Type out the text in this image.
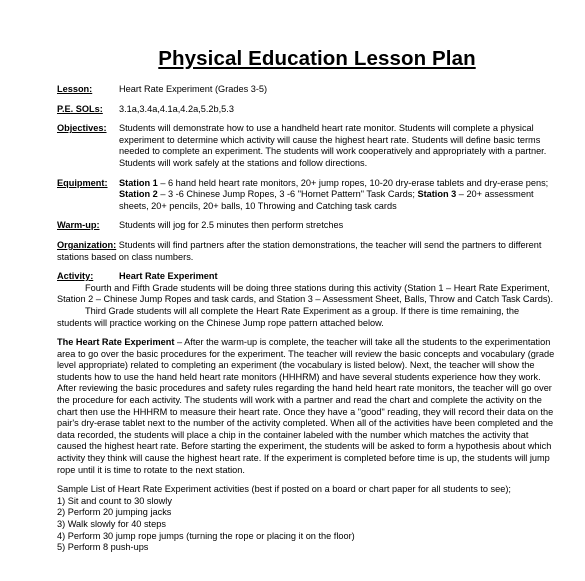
Physical Education Lesson Plan
Lesson:	Heart Rate Experiment (Grades 3-5)
P.E. SOLs:	3.1a,3.4a,4.1a,4.2a,5.2b,5.3
Objectives:	Students will demonstrate how to use a handheld heart rate monitor. Students will complete a physical experiment to determine which activity will cause the highest heart rate. Students will define basic terms needed to complete an experiment. The students will work cooperatively and appropriately with a partner. Students will work safely at the stations and follow directions.
Equipment:	Station 1 – 6 hand held heart rate monitors, 20+ jump ropes, 10-20 dry-erase tablets and dry-erase pens; Station 2 – 3 -6 Chinese Jump Ropes, 3 -6 "Hornet Pattern" Task Cards; Station 3 – 20+ assessment sheets, 20+ pencils, 20+ balls, 10 Throwing and Catching task cards
Warm-up:	Students will jog for 2.5 minutes then perform stretches
Organization: Students will find partners after the station demonstrations, the teacher will send the partners to different stations based on class numbers.
Activity:	Heart Rate Experiment
Fourth and Fifth Grade students will be doing three stations during this activity (Station 1 – Heart Rate Experiment, Station 2 – Chinese Jump Ropes and task cards, and Station 3 – Assessment Sheet, Balls, Throw and Catch Task Cards).
Third Grade students will all complete the Heart Rate Experiment as a group. If there is time remaining, the students will practice working on the Chinese Jump rope pattern attached below.
The Heart Rate Experiment – After the warm-up is complete, the teacher will take all the students to the experimentation area to go over the basic procedures for the experiment. The teacher will review the basic concepts and vocabulary (grade level appropriate) related to completing an experiment (the vocabulary is listed below). Next, the teacher will show the students how to use the hand held heart rate monitors (HHHRM) and have several students experience how they work. After reviewing the basic procedures and safety rules regarding the hand held heart rate monitors, the teacher will go over the procedure for each activity. The students will work with a partner and read the chart and complete the activity on the chart then use the HHHRM to measure their heart rate. Once they have a "good" reading, they will record their data on the pair's dry-erase tablet next to the number of the activity completed. When all of the activities have been completed and the data recorded, the students will place a chip in the container labeled with the number which matches the activity that caused the highest heart rate. Before starting the experiment, the students will be asked to form a hypothesis about which activity they think will cause the highest heart rate. If the experiment is completed before time is up, the students will jump rope until it is time to rotate to the next station.
Sample List of Heart Rate Experiment activities (best if posted on a board or chart paper for all students to see);
1) Sit and count to 30 slowly
2) Perform 20 jumping jacks
3) Walk slowly for 40 steps
4) Perform 30 jump rope jumps (turning the rope or placing it on the floor)
5) Perform 8 push-ups
